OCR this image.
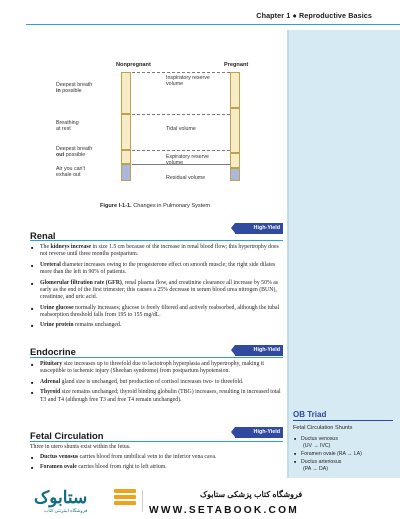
Chapter 1 ● Reproductive Basics
Nonpregnant	Pregnant
Deepest breath
in possible
Breathing
at rest
Deepest breath
out possible
Air you can't
exhale out
Inspiratory reserve volume
Tidal volume
Expiratory reserve volume
Residual volume
Figure I-1-1. Changes in Pulmonary System
Renal
High-Yield
■ The kidneys increase in size 1.5 cm because of the increase in renal blood flow; this hypertrophy does not reverse until three months postpartum.
■ Ureteral diameter increases owing to the progesterone effect on smooth muscle; the right side dilates more than the left in 90% of patients.
■ Glomerular filtration rate (GFR), renal plasma flow, and creatinine clearance all increase by 50% as early as the end of the first trimester; this causes a 25% decrease in serum blood urea nitrogen (BUN), creatinine, and uric acid.
■ Urine glucose normally increases; glucose is freely filtered and actively reabsorbed, although the tubal reabsorption threshold falls from 195 to 155 mg/dL.
■ Urine protein remains unchanged.
Endocrine	High-Yield
■ Pituitary size increases up to threefold due to lactotroph hyperplasia and hypertrophy, making it susceptible to ischemic injury (Sheehan syndrome) from postpartum hypotension.
■ Adrenal gland size is unchanged, but production of cortisol increases two- to threefold.
■ Thyroid size remains unchanged; thyroid binding globulin (TBG) increases, resulting in increased total T3 and T4 (although free T3 and free T4 remain unchanged).
Fetal Circulation	High-Yield
Three in utero shunts exist within the fetus.
■ Ductus venosus carries blood from umbilical vein to the inferior vena cava.
■ Foramen ovale carries blood from right to left atrium.
OB Triad
Fetal Circulation Shunts
■ Ductus venosus
(UV → IVC)
■ Foramen ovale (RA → LA)
■ Ductus arteriosus
(PA → DA)
ستابوک
فروشگاه اینترنتی کتاب
فروشگاه کتاب پزشکی ستابوک
WWW.SETABOOK.COM
